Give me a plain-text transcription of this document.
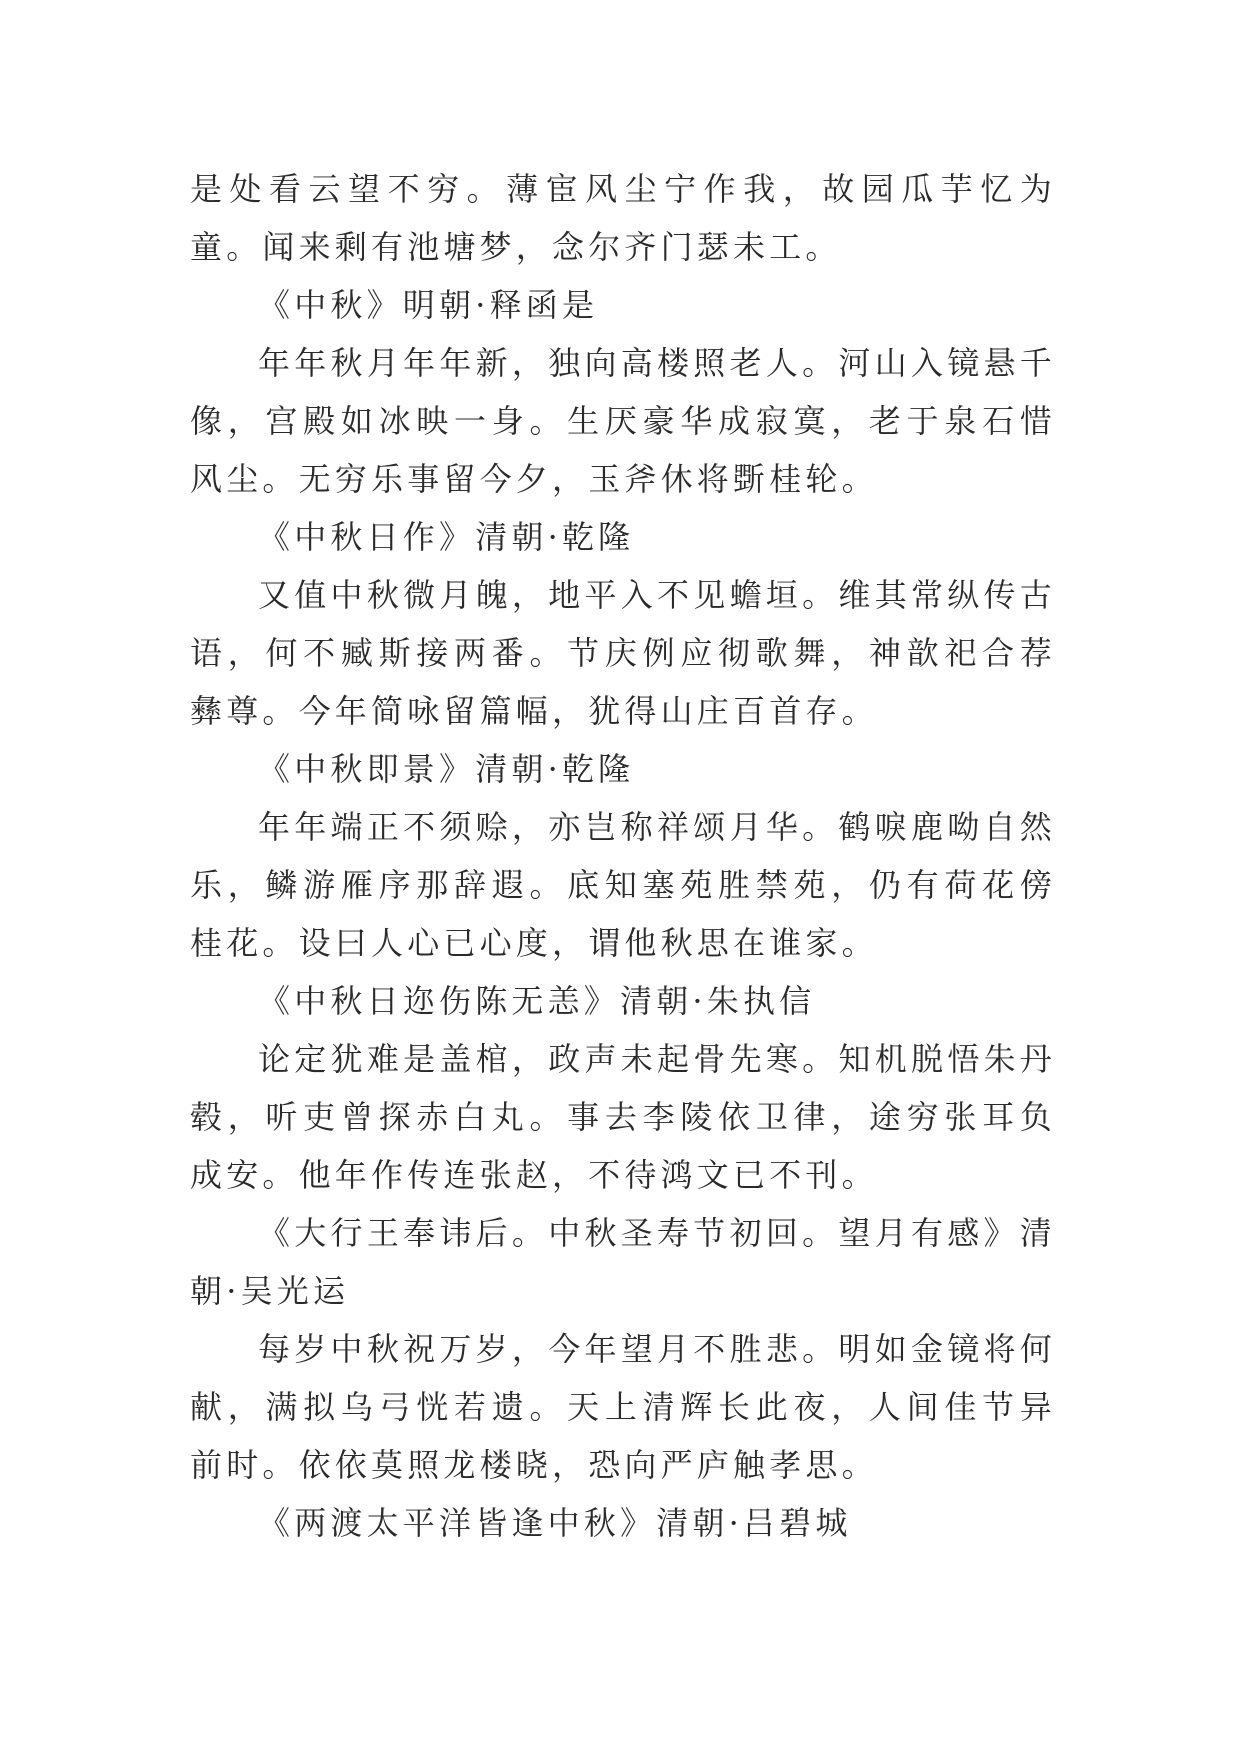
是处看云望不穷。薄宦风尘宁作我，故园瓜芋忆为童。闻来剩有池塘梦，念尔齐门瑟未工。

《中秋》明朝·释函是

年年秋月年年新，独向高楼照老人。河山入镜悬千像，宫殿如冰映一身。生厌豪华成寂寞，老于泉石惜风尘。无穷乐事留今夕，玉斧休将斲桂轮。

《中秋日作》清朝·乾隆

又值中秋微月魄，地平入不见蟾垣。维其常纵传古语，何不臧斯接两番。节庆例应彻歌舞，神歆祀合荐彝尊。今年简咏留篇幅，犹得山庄百首存。

《中秋即景》清朝·乾隆

年年端正不须赊，亦岂称祥颂月华。鹤唳鹿呦自然乐，鳞游雁序那辞遐。底知塞苑胜禁苑，仍有荷花傍桂花。设曰人心已心度，谓他秋思在谁家。

《中秋日迩伤陈无恙》清朝·朱执信

论定犹难是盖棺，政声未起骨先寒。知机脱悟朱丹毂，听吏曾探赤白丸。事去李陵依卫律，途穷张耳负成安。他年作传连张赵，不待鸿文已不刊。

《大行王奉讳后。中秋圣寿节初回。望月有感》清朝·吴光运

每岁中秋祝万岁，今年望月不胜悲。明如金镜将何献，满拟乌弓恍若遗。天上清辉长此夜，人间佳节异前时。依依莫照龙楼晓，恐向严庐触孝思。

《两渡太平洋皆逢中秋》清朝·吕碧城
